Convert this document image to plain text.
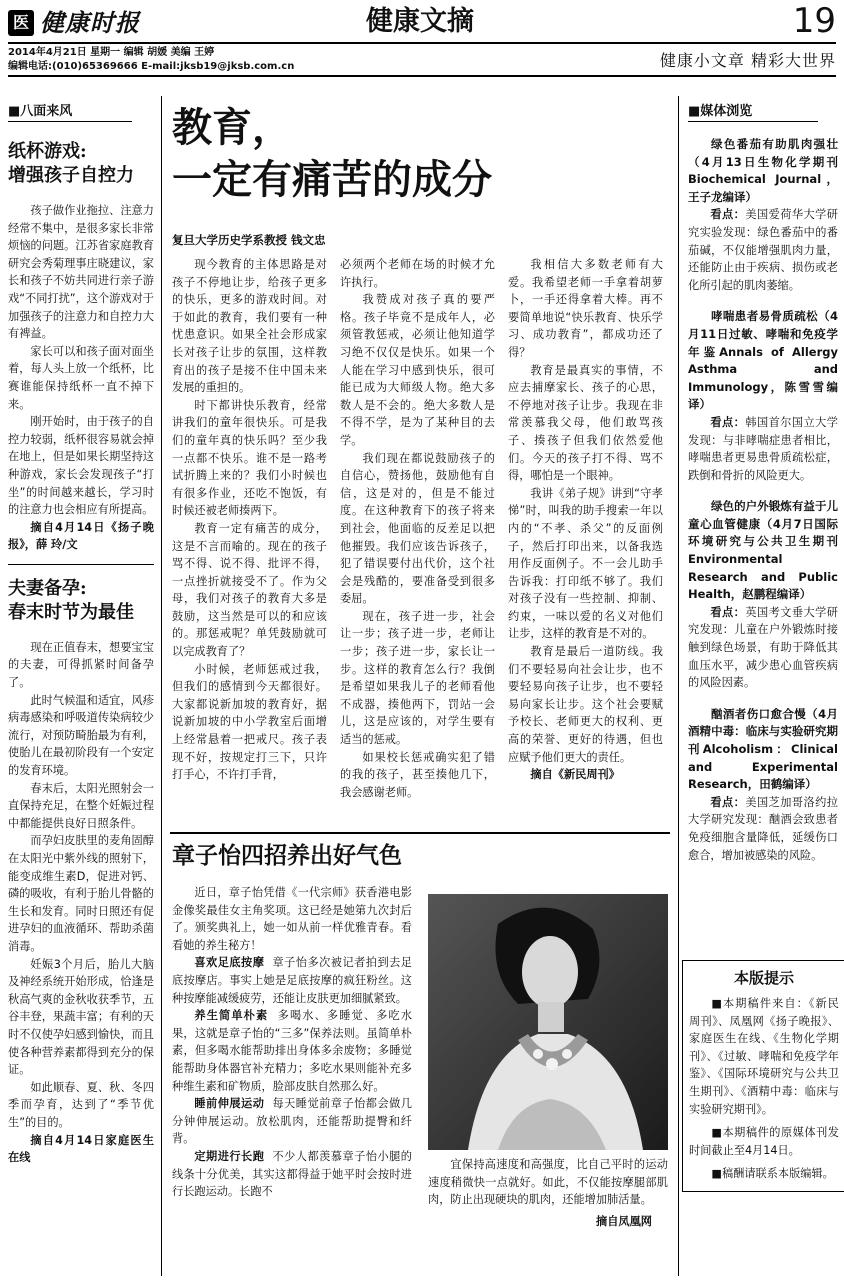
医 健康时报	健康文摘	19
2014年4月21日 星期一 编辑 胡媛 美编 王婷
编辑电话:(010)65369666 E-mail:jksb19@jksb.com.cn	健康小文章 精彩大世界
■八面来风
纸杯游戏:
增强孩子自控力

孩子做作业拖拉、注意力经常不集中，是很多家长非常烦恼的问题。江苏省家庭教育研究会秀菊理事庄晓建议，家长和孩子不妨共同进行亲子游戏“不同打扰”，这个游戏对于加强孩子的注意力和自控力大有裨益。

家长可以和孩子面对面坐着，每人头上放一个纸杯，比赛谁能保持纸杯一直不掉下来。

刚开始时，由于孩子的自控力较弱，纸杯很容易就会掉在地上，但是如果长期坚持这种游戏，家长会发现孩子“打坐”的时间越来越长，学习时的注意力也会相应有所提高。

摘自4月14日《扬子晚报》，薛 玲/文

夫妻备孕:
春末时节为最佳

现在正值春末，想要宝宝的夫妻，可得抓紧时间备孕了。

此时气候温和适宜，风疹病毒感染和呼吸道传染病较少流行，对预防畸胎最为有利，使胎儿在最初阶段有一个安定的发育环境。

春末后，太阳光照射会一直保持充足，在整个妊娠过程中都能提供良好日照条件。

而孕妇皮肤里的麦角固醇在太阳光中紫外线的照射下，能变成维生素D，促进对钙、磷的吸收，有利于胎儿骨骼的生长和发育。同时日照还有促进孕妇的血液循环、帮助杀菌消毒。

妊娠3个月后，胎儿大脑及神经系统开始形成，恰逢是秋高气爽的金秋收获季节，五谷丰登，果蔬丰富；有利的天时不仅使孕妇感到愉快，而且使各种营养素都得到充分的保证。

如此顺春、夏、秋、冬四季而孕育，达到了“季节优生”的目的。

摘自4月14日家庭医生在线

教育，
一定有痛苦的成分
复旦大学历史学系教授 钱文忠

现今教育的主体思路是对孩子不停地让步，给孩子更多的快乐，更多的游戏时间。对于如此的教育，我们要有一种忧患意识。如果全社会形成家长对孩子让步的氛围，这样教育出的孩子是接不住中国未来发展的重担的。

时下都讲快乐教育，经常讲我们的童年很快乐。可是我们的童年真的快乐吗？至少我一点都不快乐。谁不是一路考试折腾上来的？我们小时候也有很多作业，还吃不饱饭，有时候还被老师揍两下。

教育一定有痛苦的成分，这是不言而喻的。现在的孩子骂不得、说不得、批评不得，一点挫折就接受不了。作为父母，我们对孩子的教育大多是鼓励，这当然是可以的和应该的。那惩戒呢？单凭鼓励就可以完成教育了？

小时候，老师惩戒过我，但我们的感情到今天都很好。大家都说新加坡的教育好，据说新加坡的中小学教室后面增上经常悬着一把戒尺。孩子表现不好，按规定打三下，只许打手心，不许打手背，

必须两个老师在场的时候才允许执行。

我赞成对孩子真的要严格。孩子毕竟不是成年人，必须管教惩戒，必须让他知道学习绝不仅仅是快乐。如果一个人能在学习中感到快乐，很可能已成为大师级人物。绝大多数人是不会的。绝大多数人是不得不学，是为了某种目的去学。

我们现在都说鼓励孩子的自信心，赞扬他，鼓励他有自信，这是对的，但是不能过度。在这种教育下的孩子将来到社会，他面临的反差足以把他摧毁。我们应该告诉孩子，犯了错误要付出代价，这个社会是残酷的，要准备受到很多委屈。

现在，孩子进一步，社会让一步；孩子进一步，老师让一步；孩子进一步，家长让一步。这样的教育怎么行？我倒是希望如果我儿子的老师看他不成器，揍他两下，罚站一会儿，这是应该的，对学生要有适当的惩戒。

如果校长惩戒确实犯了错的我的孩子，甚至揍他几下，我会感谢老师。

我相信大多数老师有大爱。我希望老师一手拿着胡萝卜，一手还得拿着大棒。再不要简单地说“快乐教育、快乐学习、成功教育”，都成功还了得？

教育是最真实的事情，不应去捕摩家长、孩子的心思，不停地对孩子让步。我现在非常羡慕我父母，他们敢骂孩子、揍孩子但我们依然爱他们。今天的孩子打不得、骂不得，哪怕是一个眼神。

我讲《弟子规》讲到“守孝悌”时，叫我的助手搜索一年以内的“不孝、杀父”的反面例子，然后打印出来，以备我选用作反面例子。不一会儿助手告诉我：打印纸不够了。我们对孩子没有一些控制、抑制、约束，一味以爱的名义对他们让步，这样的教育是不对的。

教育是最后一道防线。我们不要轻易向社会让步，也不要轻易向孩子让步，也不要轻易向家长让步。这个社会要赋予校长、老师更大的权利、更高的荣誉、更好的待遇，但也应赋予他们更大的责任。

摘自《新民周刊》

章子怡四招养出好气色

近日，章子怡凭借《一代宗师》获香港电影金像奖最佳女主角奖项。这已经是她第九次封后了。颁奖典礼上，她一如从前一样优雅青春。看看她的养生秘方！

喜欢足底按摩 章子怡多次被记者拍到去足底按摩店。事实上她是足底按摩的疯狂粉丝。这种按摩能减缓疲劳，还能让皮肤更加细腻紧致。

养生简单朴素 多喝水、多睡觉、多吃水果，这就是章子怡的“三多”保养法则。虽简单朴素，但多喝水能帮助排出身体多余废物；多睡觉能帮助身体器官补充精力；多吃水果则能补充多种维生素和矿物质，脸部皮肤自然那么好。

睡前伸展运动 每天睡觉前章子怡都会做几分钟伸展运动。放松肌肉，还能帮助提臀和纤背。

定期进行长跑 不少人都羡慕章子怡小腿的线条十分优美，其实这都得益于她平时会按时进行长跑运动。长跑不

宜保持高速度和高强度，比自己平时的运动速度稍微快一点就好。如此，不仅能按摩腿部肌肉，防止出现硬块的肌肉，还能增加肺活量。

摘自凤凰网

■媒体浏览

绿色番茄有助肌肉强壮（4月13日生物化学期刊Biochemical Journal，王子龙编译）

看点：美国爱荷华大学研究实验发现：绿色番茄中的番茄碱，不仅能增强肌肉力量，还能防止由于疾病、损伤或老化所引起的肌肉萎缩。

哮喘患者易骨质疏松（4月11日过敏、哮喘和免疫学年鉴Annals of Allergy Asthma and Immunology，陈雪雪编译）

看点：韩国首尔国立大学发现：与非哮喘症患者相比，哮喘患者更易患骨质疏松症，跌倒和骨折的风险更大。

绿色的户外锻炼有益于儿童心血管健康（4月7日国际环境研究与公共卫生期刊Environmental Research and Public Health，赵鹏程编译）

看点：英国考文垂大学研究发现：儿童在户外锻炼时接触到绿色场景，有助于降低其血压水平，减少患心血管疾病的风险因素。

酗酒者伤口愈合慢（4月酒精中毒：临床与实验研究期刊Alcoholism：Clinical and Experimental Research，田鹤编译）

看点：美国芝加哥洛约拉大学研究发现：酗酒会致患者免疫细胞含量降低，延缓伤口愈合，增加被感染的风险。

本版提示

■本期稿件来自：《新民周刊》、凤凰网《扬子晚报》、家庭医生在线、《生物化学期刊》、《过敏、哮喘和免疫学年鉴》、《国际环境研究与公共卫生期刊》、《酒精中毒：临床与实验研究期刊》。

■本期稿件的原媒体刊发时间截止至4月14日。

■稿酬请联系本版编辑。
